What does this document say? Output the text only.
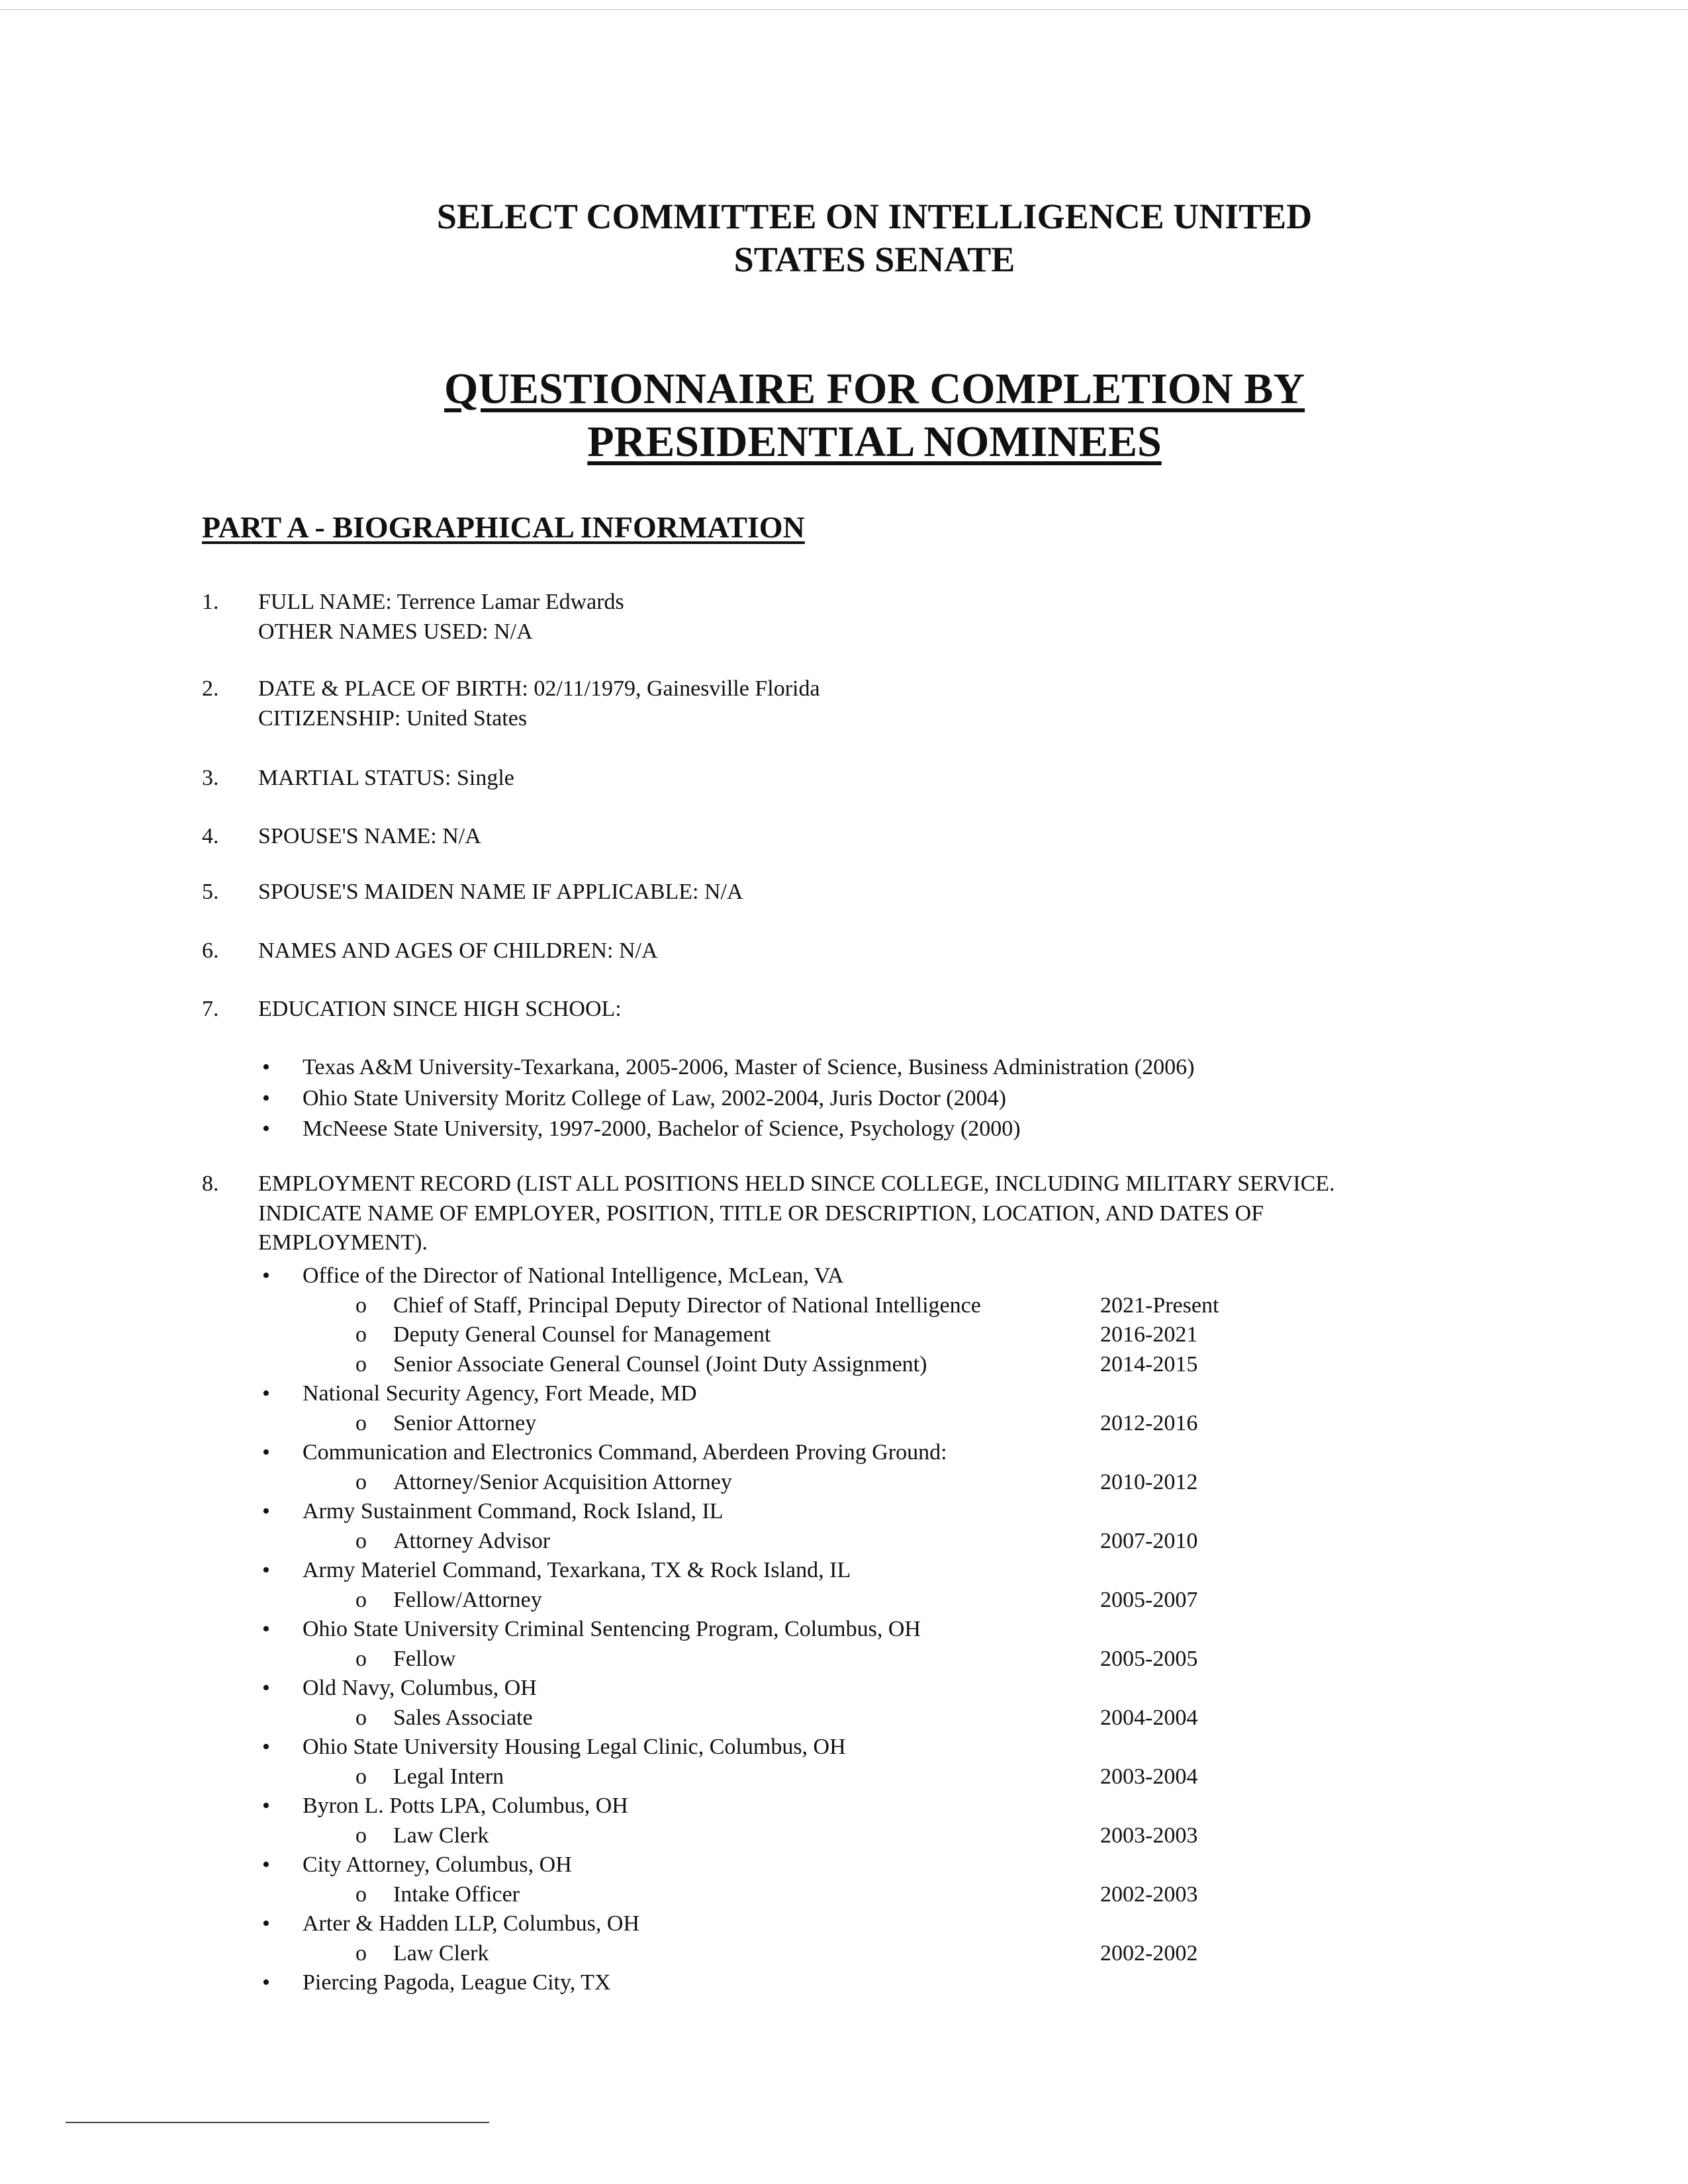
SELECT COMMITTEE ON INTELLIGENCE UNITED
STATES SENATE
QUESTIONNAIRE FOR COMPLETION BY
PRESIDENTIAL NOMINEES
PART A - BIOGRAPHICAL INFORMATION
1. FULL NAME: Terrence Lamar Edwards
OTHER NAMES USED: N/A
2. DATE & PLACE OF BIRTH: 02/11/1979, Gainesville Florida
CITIZENSHIP: United States
3. MARTIAL STATUS: Single
4. SPOUSE'S NAME: N/A
5. SPOUSE'S MAIDEN NAME IF APPLICABLE: N/A
6. NAMES AND AGES OF CHILDREN: N/A
7. EDUCATION SINCE HIGH SCHOOL:
• Texas A&M University-Texarkana, 2005-2006, Master of Science, Business Administration (2006)
• Ohio State University Moritz College of Law, 2002-2004, Juris Doctor (2004)
• McNeese State University, 1997-2000, Bachelor of Science, Psychology (2000)
8. EMPLOYMENT RECORD (LIST ALL POSITIONS HELD SINCE COLLEGE, INCLUDING MILITARY SERVICE.
INDICATE NAME OF EMPLOYER, POSITION, TITLE OR DESCRIPTION, LOCATION, AND DATES OF
EMPLOYMENT).
• Office of the Director of National Intelligence, McLean, VA
o Chief of Staff, Principal Deputy Director of National Intelligence	2021-Present
o Deputy General Counsel for Management	2016-2021
o Senior Associate General Counsel (Joint Duty Assignment)	2014-2015
• National Security Agency, Fort Meade, MD
o Senior Attorney	2012-2016
• Communication and Electronics Command, Aberdeen Proving Ground:
o Attorney/Senior Acquisition Attorney	2010-2012
• Army Sustainment Command, Rock Island, IL
o Attorney Advisor	2007-2010
• Army Materiel Command, Texarkana, TX & Rock Island, IL
o Fellow/Attorney	2005-2007
• Ohio State University Criminal Sentencing Program, Columbus, OH
o Fellow	2005-2005
• Old Navy, Columbus, OH
o Sales Associate	2004-2004
• Ohio State University Housing Legal Clinic, Columbus, OH
o Legal Intern	2003-2004
• Byron L. Potts LPA, Columbus, OH
o Law Clerk	2003-2003
• City Attorney, Columbus, OH
o Intake Officer	2002-2003
• Arter & Hadden LLP, Columbus, OH
o Law Clerk	2002-2002
• Piercing Pagoda, League City, TX
